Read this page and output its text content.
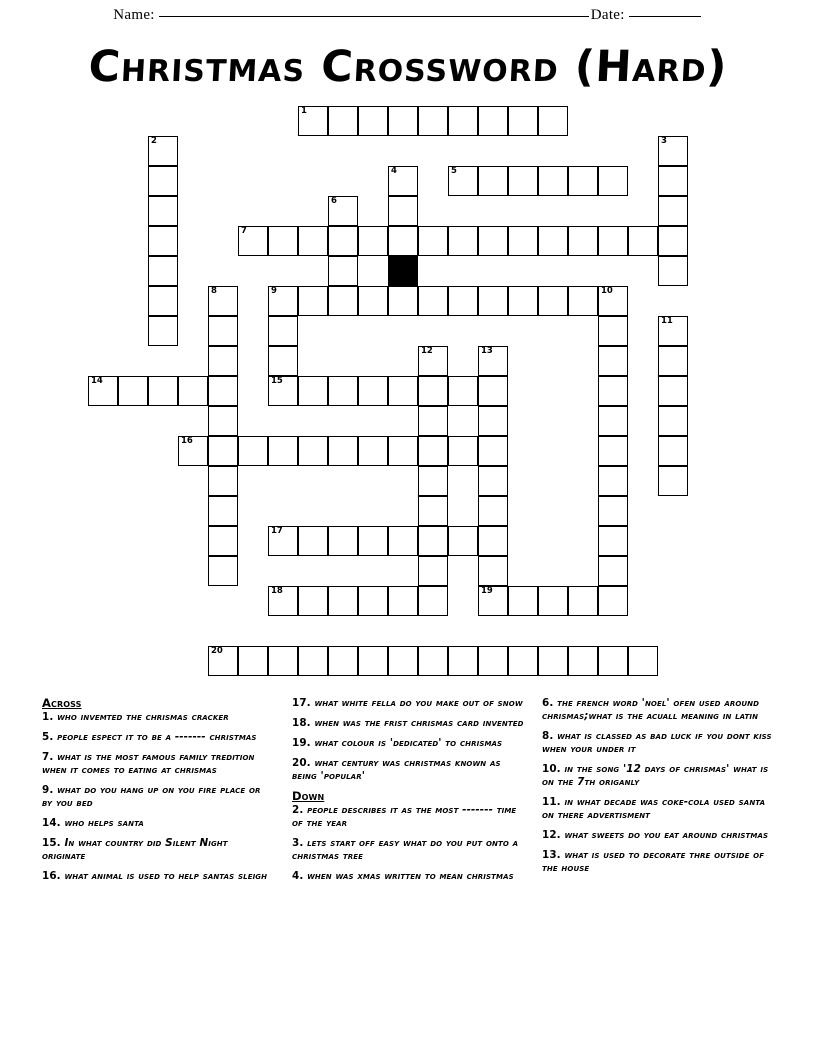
Name:	Date:
Christmas Crossword (Hard)
1
2	3
4	5
6
7
8	9	10
11
12	13
14	15
16
17
18	19
20
Across
1. who invemted the chrismas cracker
5. people espect it to be a ------- christmas
7. what is the most famous family tredition when it comes to eating at chrismas
9. what do you hang up on you fire place or by you bed
14. who helps santa
15. In what country did Silent Night originate
16. what animal is used to help santas sleigh
17. what white fella do you make out of snow
18. when was the frist chrismas card invented
19. what colour is 'dedicated' to chrismas
20. what century was christmas known as being 'popular'
Down
2. people describes it as the most ------- time of the year
3. lets start off easy what do you put onto a christmas tree
4. when was xmas written to mean christmas
6. the french word 'noel' ofen used around chrismas;what is the acuall meaning in latin
8. what is classed as bad luck if you dont kiss when your under it
10. in the song '12 days of chrismas' what is on the 7th origanly
11. in what decade was coke-cola used santa on there advertisment
12. what sweets do you eat around christmas
13. what is used to decorate thre outside of the house
